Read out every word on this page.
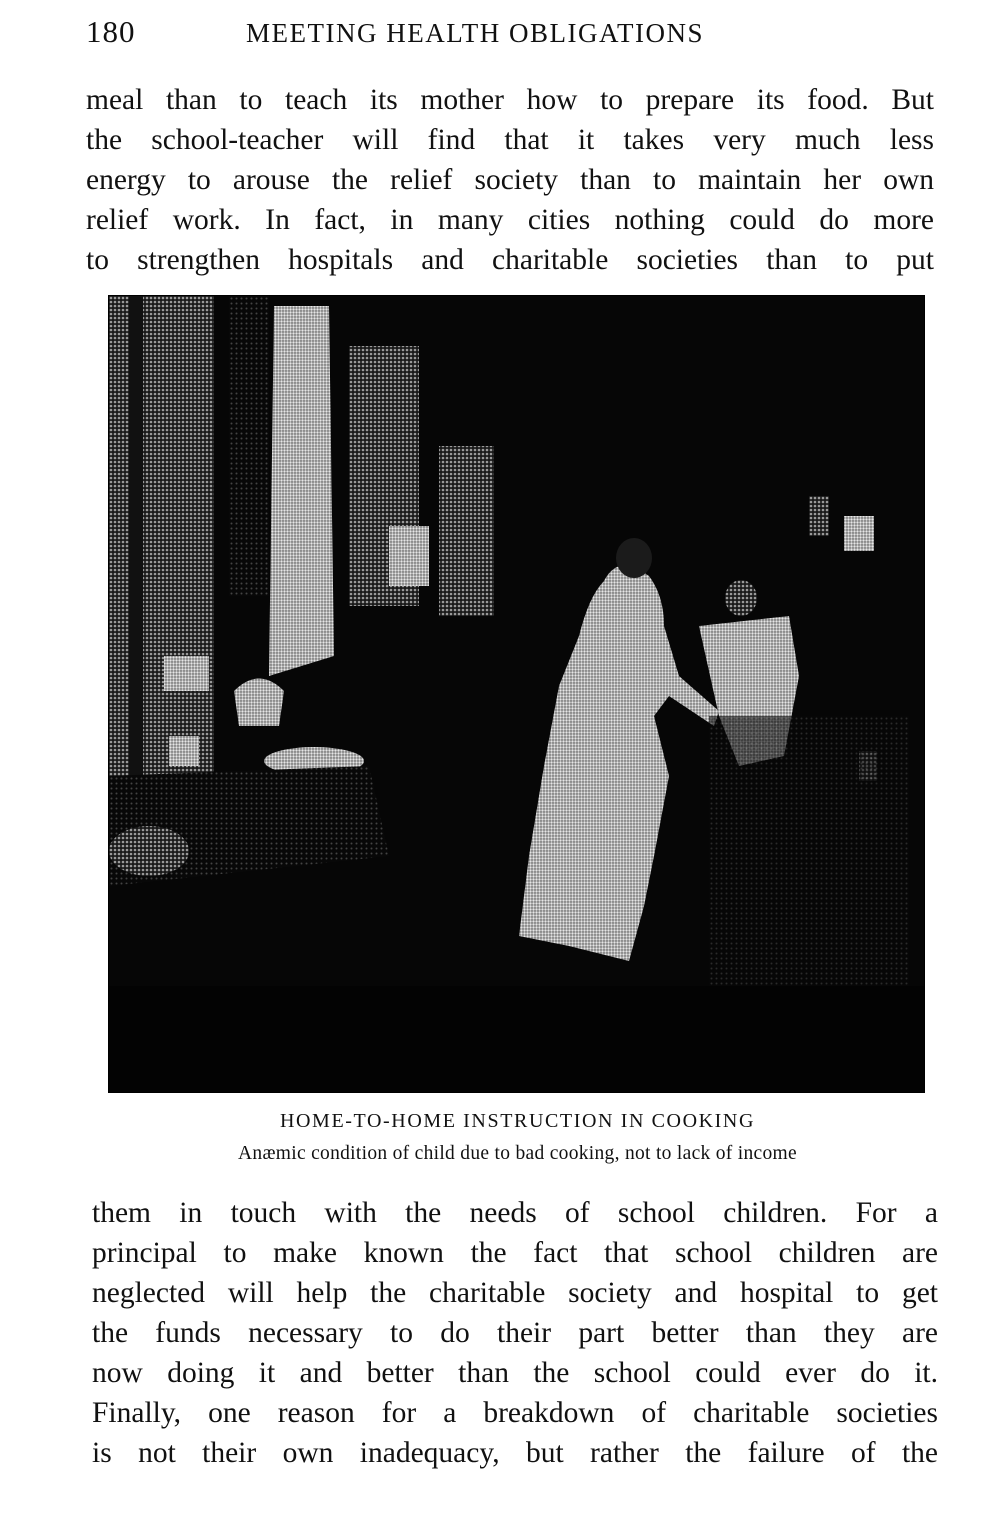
180	MEETING HEALTH OBLIGATIONS
meal than to teach its mother how to prepare its food. But
the school-teacher will find that it takes very much less
energy to arouse the relief society than to maintain her own
relief work. In fact, in many cities nothing could do more
to strengthen hospitals and charitable societies than to put
HOME-TO-HOME INSTRUCTION IN COOKING
Anæmic condition of child due to bad cooking, not to lack of income
them in touch with the needs of school children. For a
principal to make known the fact that school children are
neglected will help the charitable society and hospital to get
the funds necessary to do their part better than they are
now doing it and better than the school could ever do it.
Finally, one reason for a breakdown of charitable societies
is not their own inadequacy, but rather the failure of the
